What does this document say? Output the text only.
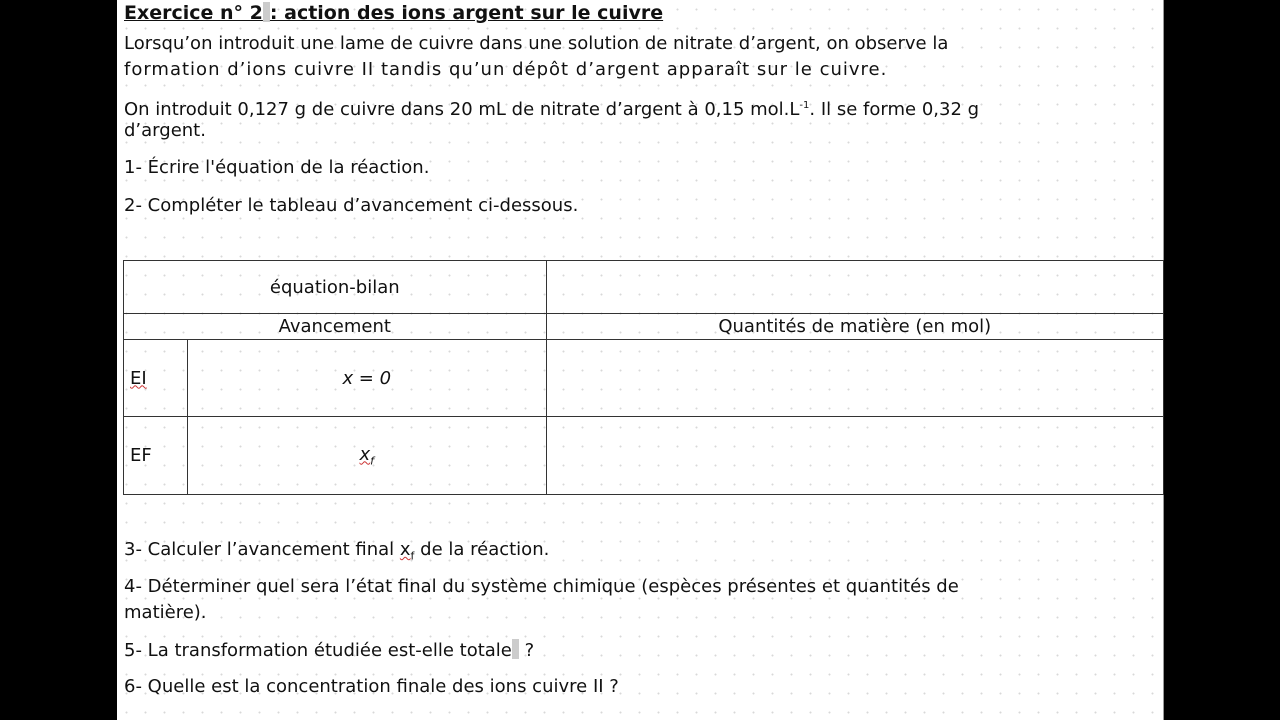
Exercice n° 2 : action des ions argent sur le cuivre
Lorsqu’on introduit une lame de cuivre dans une solution de nitrate d’argent, on observe la
formation d’ions cuivre II tandis qu’un dépôt d’argent apparaît sur le cuivre.
On introduit 0,127 g de cuivre dans 20 mL de nitrate d’argent à 0,15 $mol.L^{-1}$. Il se forme 0,32 g
d’argent.
1- Écrire l'équation de la réaction.
2- Compléter le tableau d’avancement ci-dessous.
équation-bilan		
Avancement		Quantités de matière (en mol)
EI	x = 0	
EF	$x_f$	
3- Calculer l’avancement final $x_f$ de la réaction.
4- Déterminer quel sera l’état final du système chimique (espèces présentes et quantités de
matière).
5- La transformation étudiée est-elle totale ?
6- Quelle est la concentration finale des ions cuivre II ?
